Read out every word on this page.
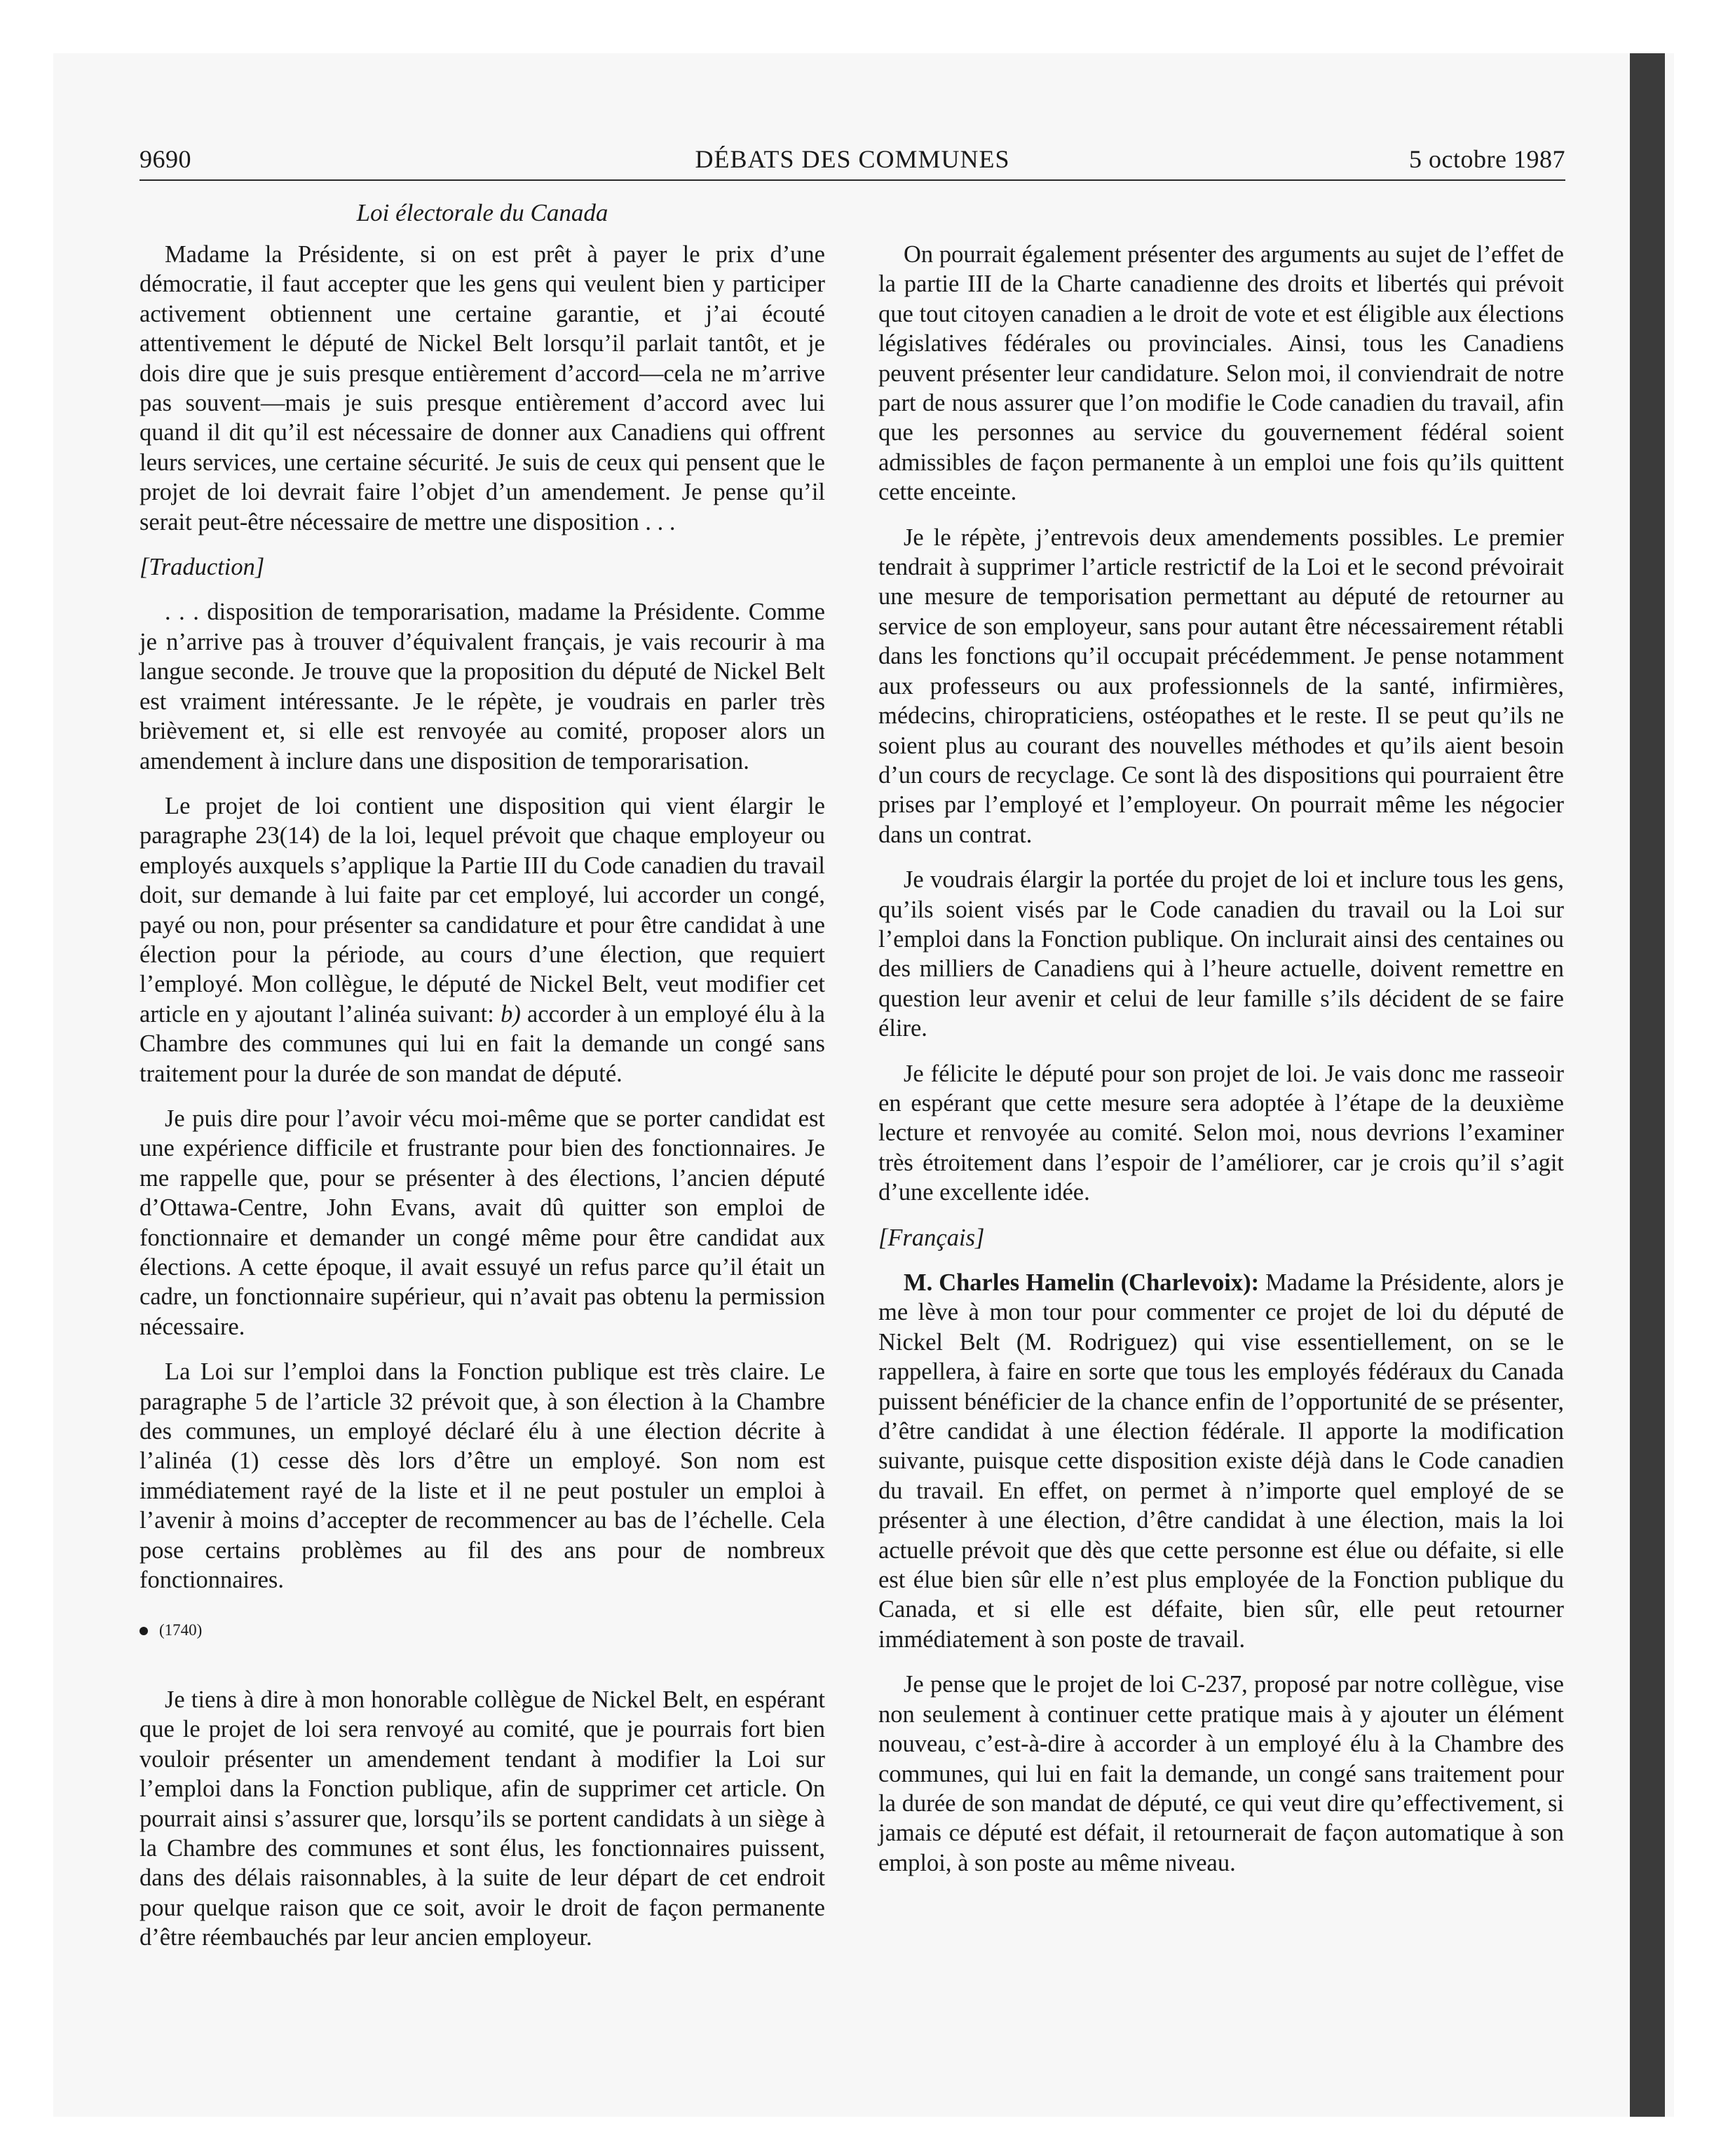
9690	DÉBATS DES COMMUNES	5 octobre 1987
Loi électorale du Canada

Madame la Présidente, si on est prêt à payer le prix d’une démocratie, il faut accepter que les gens qui veulent bien y participer activement obtiennent une certaine garantie, et j’ai écouté attentivement le député de Nickel Belt lorsqu’il parlait tantôt, et je dois dire que je suis presque entièrement d’accord—cela ne m’arrive pas souvent—mais je suis presque entièrement d’accord avec lui quand il dit qu’il est nécessaire de donner aux Canadiens qui offrent leurs services, une certaine sécurité. Je suis de ceux qui pensent que le projet de loi devrait faire l’objet d’un amendement. Je pense qu’il serait peut-être nécessaire de mettre une disposition . . .

[Traduction]

. . . disposition de temporarisation, madame la Présidente. Comme je n’arrive pas à trouver d’équivalent français, je vais recourir à ma langue seconde. Je trouve que la proposition du député de Nickel Belt est vraiment intéressante. Je le répète, je voudrais en parler très brièvement et, si elle est renvoyée au comité, proposer alors un amendement à inclure dans une disposition de temporarisation.

Le projet de loi contient une disposition qui vient élargir le paragraphe 23(14) de la loi, lequel prévoit que chaque employeur ou employés auxquels s’applique la Partie III du Code canadien du travail doit, sur demande à lui faite par cet employé, lui accorder un congé, payé ou non, pour présenter sa candidature et pour être candidat à une élection pour la période, au cours d’une élection, que requiert l’employé. Mon collègue, le député de Nickel Belt, veut modifier cet article en y ajoutant l’alinéa suivant: b) accorder à un employé élu à la Chambre des communes qui lui en fait la demande un congé sans traitement pour la durée de son mandat de député.

Je puis dire pour l’avoir vécu moi-même que se porter candidat est une expérience difficile et frustrante pour bien des fonctionnaires. Je me rappelle que, pour se présenter à des élections, l’ancien député d’Ottawa-Centre, John Evans, avait dû quitter son emploi de fonctionnaire et demander un congé même pour être candidat aux élections. A cette époque, il avait essuyé un refus parce qu’il était un cadre, un fonctionnaire supérieur, qui n’avait pas obtenu la permission nécessaire.

La Loi sur l’emploi dans la Fonction publique est très claire. Le paragraphe 5 de l’article 32 prévoit que, à son élection à la Chambre des communes, un employé déclaré élu à une élection décrite à l’alinéa (1) cesse dès lors d’être un employé. Son nom est immédiatement rayé de la liste et il ne peut postuler un emploi à l’avenir à moins d’accepter de recommencer au bas de l’échelle. Cela pose certains problèmes au fil des ans pour de nombreux fonctionnaires.

(1740)

Je tiens à dire à mon honorable collègue de Nickel Belt, en espérant que le projet de loi sera renvoyé au comité, que je pourrais fort bien vouloir présenter un amendement tendant à modifier la Loi sur l’emploi dans la Fonction publique, afin de supprimer cet article. On pourrait ainsi s’assurer que, lorsqu’ils se portent candidats à un siège à la Chambre des communes et sont élus, les fonctionnaires puissent, dans des délais raisonnables, à la suite de leur départ de cet endroit pour quelque raison que ce soit, avoir le droit de façon permanente d’être réembauchés par leur ancien employeur.

On pourrait également présenter des arguments au sujet de l’effet de la partie III de la Charte canadienne des droits et libertés qui prévoit que tout citoyen canadien a le droit de vote et est éligible aux élections législatives fédérales ou provinciales. Ainsi, tous les Canadiens peuvent présenter leur candidature. Selon moi, il conviendrait de notre part de nous assurer que l’on modifie le Code canadien du travail, afin que les personnes au service du gouvernement fédéral soient admissibles de façon permanente à un emploi une fois qu’ils quittent cette enceinte.

Je le répète, j’entrevois deux amendements possibles. Le premier tendrait à supprimer l’article restrictif de la Loi et le second prévoirait une mesure de temporisation permettant au député de retourner au service de son employeur, sans pour autant être nécessairement rétabli dans les fonctions qu’il occupait précédemment. Je pense notamment aux professeurs ou aux professionnels de la santé, infirmières, médecins, chiropraticiens, ostéopathes et le reste. Il se peut qu’ils ne soient plus au courant des nouvelles méthodes et qu’ils aient besoin d’un cours de recyclage. Ce sont là des dispositions qui pourraient être prises par l’employé et l’employeur. On pourrait même les négocier dans un contrat.

Je voudrais élargir la portée du projet de loi et inclure tous les gens, qu’ils soient visés par le Code canadien du travail ou la Loi sur l’emploi dans la Fonction publique. On inclurait ainsi des centaines ou des milliers de Canadiens qui à l’heure actuelle, doivent remettre en question leur avenir et celui de leur famille s’ils décident de se faire élire.

Je félicite le député pour son projet de loi. Je vais donc me rasseoir en espérant que cette mesure sera adoptée à l’étape de la deuxième lecture et renvoyée au comité. Selon moi, nous devrions l’examiner très étroitement dans l’espoir de l’améliorer, car je crois qu’il s’agit d’une excellente idée.

[Français]

M. Charles Hamelin (Charlevoix): Madame la Présidente, alors je me lève à mon tour pour commenter ce projet de loi du député de Nickel Belt (M. Rodriguez) qui vise essentiellement, on se le rappellera, à faire en sorte que tous les employés fédéraux du Canada puissent bénéficier de la chance enfin de l’opportunité de se présenter, d’être candidat à une élection fédérale. Il apporte la modification suivante, puisque cette disposition existe déjà dans le Code canadien du travail. En effet, on permet à n’importe quel employé de se présenter à une élection, d’être candidat à une élection, mais la loi actuelle prévoit que dès que cette personne est élue ou défaite, si elle est élue bien sûr elle n’est plus employée de la Fonction publique du Canada, et si elle est défaite, bien sûr, elle peut retourner immédiatement à son poste de travail.

Je pense que le projet de loi C-237, proposé par notre collègue, vise non seulement à continuer cette pratique mais à y ajouter un élément nouveau, c’est-à-dire à accorder à un employé élu à la Chambre des communes, qui lui en fait la demande, un congé sans traitement pour la durée de son mandat de député, ce qui veut dire qu’effectivement, si jamais ce député est défait, il retournerait de façon automatique à son emploi, à son poste au même niveau.
